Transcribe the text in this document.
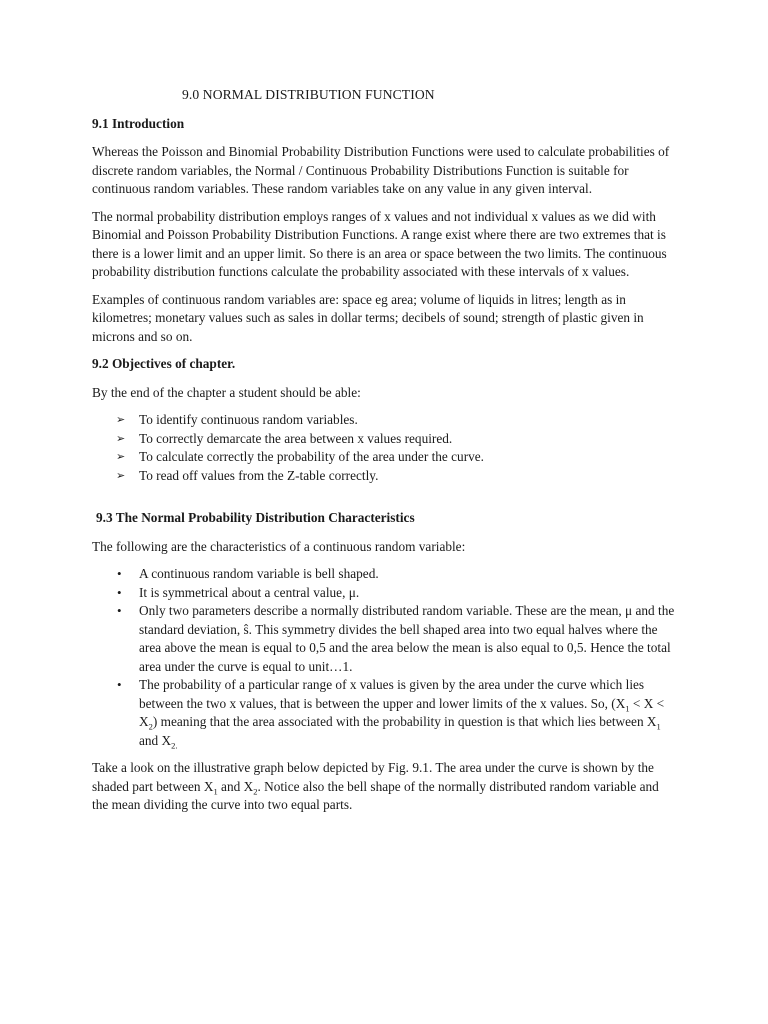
9.0 NORMAL DISTRIBUTION FUNCTION
9.1 Introduction

Whereas the Poisson and Binomial Probability Distribution Functions were used to calculate probabilities of discrete random variables, the Normal / Continuous Probability Distributions Function is suitable for continuous random variables. These random variables take on any value in any given interval.

The normal probability distribution employs ranges of x values and not individual x values as we did with Binomial and Poisson Probability Distribution Functions. A range exist where there are two extremes that is there is a lower limit and an upper limit. So there is an area or space between the two limits. The continuous probability distribution functions calculate the probability associated with these intervals of x values.

Examples of continuous random variables are: space eg area; volume of liquids in litres; length as in kilometres; monetary values such as sales in dollar terms; decibels of sound; strength of plastic given in microns and so on.

9.2 Objectives of chapter.

By the end of the chapter a student should be able:

➢ To identify continuous random variables.
➢ To correctly demarcate the area between x values required.
➢ To calculate correctly the probability of the area under the curve.
➢ To read off values from the Z-table correctly.
9.3 The Normal Probability Distribution Characteristics

The following are the characteristics of a continuous random variable:

• A continuous random variable is bell shaped.
• It is symmetrical about a central value, μ.
• Only two parameters describe a normally distributed random variable. These are the mean, μ and the standard deviation, ŝ. This symmetry divides the bell shaped area into two equal halves where the area above the mean is equal to 0,5 and the area below the mean is also equal to 0,5. Hence the total area under the curve is equal to unit…1.
• The probability of a particular range of x values is given by the area under the curve which lies between the two x values, that is between the upper and lower limits of the x values. So, $(X_1 < X < X_2)$ meaning that the area associated with the probability in question is that which lies between $X_1$ and $X_{2.}$

Take a look on the illustrative graph below depicted by Fig. 9.1. The area under the curve is shown by the shaded part between $X_1$ and $X_2$. Notice also the bell shape of the normally distributed random variable and the mean dividing the curve into two equal parts.
